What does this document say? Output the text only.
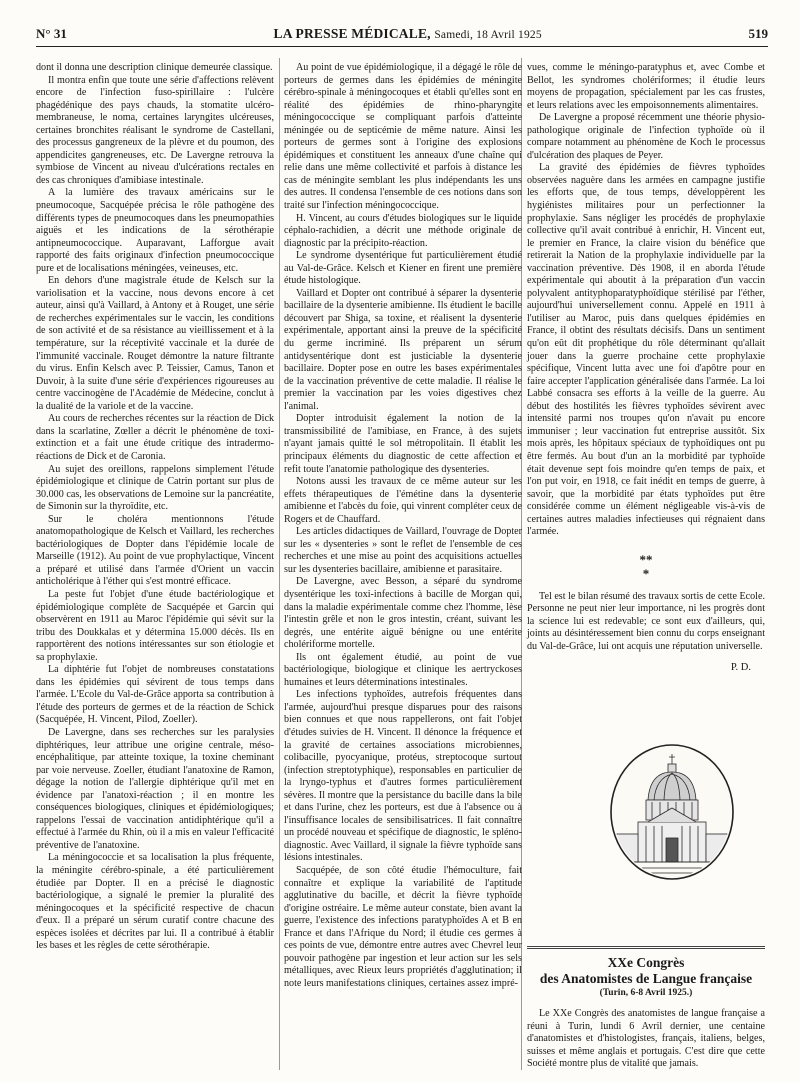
N° 31	LA PRESSE MÉDICALE, Samedi, 18 Avril 1925	519

dont il donna une description clinique demeurée classique.

Il montra enfin que toute une série d'affections relèvent encore de l'infection fuso-spirillaire : l'ulcère phagédénique des pays chauds, la stomatite ulcéro-membraneuse, le noma, certaines laryngites ulcéreuses, certaines bronchites réalisant le syndrome de Castellani, des processus gangreneux de la plèvre et du poumon, des appendicites gangreneuses, etc. De Lavergne retrouva la symbiose de Vincent au niveau d'ulcérations rectales en des cas chroniques d'amibiase intestinale.

A la lumière des travaux américains sur le pneumocoque, Sacquépée précisa le rôle pathogène des différents types de pneumocoques dans les pneumopathies aiguës et les indications de la sérothérapie antipneumococcique. Auparavant, Lafforgue avait rapporté des faits originaux d'infection pneumococcique pure et de localisations méningées, veineuses, etc.

En dehors d'une magistrale étude de Kelsch sur la variolisation et la vaccine, nous devons encore à cet auteur, ainsi qu'à Vaillard, à Antony et à Rouget, une série de recherches expérimentales sur le vaccin, les conditions de son activité et de sa résistance au vieillissement et à la température, sur la réceptivité vaccinale et la durée de l'immunité vaccinale. Rouget démontre la nature filtrante du virus. Enfin Kelsch avec P. Teissier, Camus, Tanon et Duvoir, à la suite d'une série d'expériences rigoureuses au centre vaccinogène de l'Académie de Médecine, conclut à la dualité de la variole et de la vaccine.

Au cours de recherches récentes sur la réaction de Dick dans la scarlatine, Zœller a décrit le phénomène de toxi-extinction et a fait une étude critique des intradermo-réactions de Dick et de Caronia.

Au sujet des oreillons, rappelons simplement l'étude épidémiologique et clinique de Catrin portant sur plus de 30.000 cas, les observations de Lemoine sur la pancréatite, de Simonin sur la thyroïdite, etc.

Sur le choléra mentionnons l'étude anatomopathologique de Kelsch et Vaillard, les recherches bactériologiques de Dopter dans l'épidémie locale de Marseille (1912). Au point de vue prophylactique, Vincent a préparé et utilisé dans l'armée d'Orient un vaccin anticholérique à l'éther qui s'est montré efficace.

La peste fut l'objet d'une étude bactériologique et épidémiologique complète de Sacquépée et Garcin qui observèrent en 1911 au Maroc l'épidémie qui sévit sur la tribu des Doukkalas et y déterminа 15.000 décès. Ils en rapportèrent des notions intéressantes sur son étiologie et sa prophylaxie.

La diphtérie fut l'objet de nombreuses constatations dans les épidémies qui sévirent de tous temps dans l'armée. L'Ecole du Val-de-Grâce apporta sa contribution à l'étude des porteurs de germes et de la réaction de Schick (Sacquépée, H. Vincent, Pilod, Zoeller).

De Lavergne, dans ses recherches sur les paralysies diphtériques, leur attribue une origine centrale, méso-encéphalitique, par atteinte toxique, la toxine cheminant par voie nerveuse. Zoeller, étudiant l'anatoxine de Ramon, dégage la notion de l'allergie diphtérique qu'il met en évidence par l'anatoxi-réaction ; il en montre les conséquences biologiques, cliniques et épidémiologiques; rappelons l'essai de vaccination antidiphtérique qu'il a effectué à l'armée du Rhin, où il a mis en valeur l'efficacité préventive de l'anatoxine.

La méningococcie et sa localisation la plus fréquente, la méningite cérébro-spinale, a été particulièrement étudiée par Dopter. Il en a précisé le diagnostic bactériologique, a signalé le premier la pluralité des méningocoques et la spécificité respective de chacun d'eux. Il a préparé un sérum curatif contre chacune des espèces isolées et décrites par lui. Il a contribué à établir les bases et les règles de cette sérothérapie.

Au point de vue épidémiologique, il a dégagé le rôle de porteurs de germes dans les épidémies de méningite cérébro-spinale à méningocoques et établi qu'elles sont en réalité des épidémies de rhino-pharyngite méningococcique se compliquant parfois d'atteinte méningée ou de septicémie de même nature. Ainsi les porteurs de germes sont à l'origine des explosions épidémiques et constituent les anneaux d'une chaîne qui relie dans une même collectivité et parfois à distance les cas de méningite semblant les plus indépendants les uns des autres. Il condensa l'ensemble de ces notions dans son traité sur l'infection méningococcique.

H. Vincent, au cours d'études biologiques sur le liquide céphalo-rachidien, a décrit une méthode originale de diagnostic par la précipito-réaction.

Le syndrome dysentérique fut particulièrement étudié au Val-de-Grâce. Kelsch et Kiener en firent une première étude histologique.

Vaillard et Dopter ont contribué à séparer la dysenterie bacillaire de la dysenterie amibienne. Ils étudient le bacille découvert par Shiga, sa toxine, et réalisent la dysenterie expérimentale, apportant ainsi la preuve de la spécificité du germe incriminé. Ils préparent un sérum antidysentérique dont est justiciable la dysenterie bacillaire. Dopter pose en outre les bases expérimentales de la vaccination préventive de cette maladie. Il réalise le premier la vaccination par les voies digestives chez l'animal.

Dopter introduisit également la notion de la transmissibilité de l'amibiase, en France, à des sujets n'ayant jamais quitté le sol métropolitain. Il établit les principaux éléments du diagnostic de cette affection et refit toute l'anatomie pathologique des dysenteries.

Notons aussi les travaux de ce même auteur sur les effets thérapeutiques de l'émétine dans la dysenterie amibienne et l'abcès du foie, qui vinrent compléter ceux de Rogers et de Chauffard.

Les articles didactiques de Vaillard, l'ouvrage de Dopter sur les « dysenteries » sont le reflet de l'ensemble de ces recherches et une mise au point des acquisitions actuelles sur les dysenteries bacillaire, amibienne et parasitaire.

De Lavergne, avec Besson, a séparé du syndrome dysentérique les toxi-infections à bacille de Morgan qui, dans la maladie expérimentale comme chez l'homme, lèse l'intestin grêle et non le gros intestin, créant, suivant les degrés, une entérite aiguë bénigne ou une entérite cholériforme mortelle.

Ils ont également étudié, au point de vue bactériologique, biologique et clinique les aertryckoses humaines et leurs déterminations intestinales.

Les infections typhoïdes, autrefois fréquentes dans l'armée, aujourd'hui presque disparues pour des raisons bien connues et que nous rappellerons, ont fait l'objet d'études suivies de H. Vincent. Il dénonce la fréquence et la gravité de certaines associations microbiennes, colibacille, pyocyanique, protéus, streptocoque surtout (infection streptotyphique), responsables en particulier de la lryngo-typhus et d'autres formes particulièrement sévères. Il montre que la persistance du bacille dans la bile et dans l'urine, chez les porteurs, est due à l'absence ou à l'insuffisance locales de sensibilisatrices. Il fait connaître un procédé nouveau et spécifique de diagnostic, le spléno-diagnostic. Avec Vaillard, il signale la fièvre typhoïde sans lésions intestinales.

Sacquépée, de son côté étudie l'hémoculture, fait connaître et explique la variabilité de l'aptitude agglutinative du bacille, et décrit la fièvre typhoïde d'origine ostréaire. Le même auteur constate, bien avant la guerre, l'existence des infections paratyphoïdes A et B en France et dans l'Afrique du Nord; il étudie ces germes à ces points de vue, démontre entre autres avec Chevrel leur pouvoir pathogène par ingestion et leur action sur les sels métalliques, avec Rieux leurs propriétés d'agglutination; il note leurs manifestations cliniques, certaines assez impré-

vues, comme le méningo-paratyphus et, avec Combe et Bellot, les syndromes cholériformes; il étudie leurs moyens de propagation, spécialement par les cas frustes, et leurs relations avec les empoisonnements alimentaires.

De Lavergne a proposé récemment une théorie physio-pathologique originale de l'infection typhoïde où il compare notamment au phénomène de Koch le processus d'ulcération des plaques de Peyer.

La gravité des épidémies de fièvres typhoïdes observées naguère dans les armées en campagne justifie les efforts que, de tous temps, développèrent les hygiénistes militaires pour un perfectionner la prophylaxie. Sans négliger les procédés de prophylaxie collective qu'il avait contribué à enrichir, H. Vincent eut, le premier en France, la claire vision du bénéfice que retirerait la Nation de la prophylaxie individuelle par la vaccination préventive. Dès 1908, il en aborda l'étude expérimentale qui aboutit à la préparation d'un vaccin polyvalent antityphoparatyphoïdique stérilisé par l'éther, aujourd'hui universellement connu. Appelé en 1911 à l'utiliser au Maroc, puis dans quelques épidémies en France, il obtint des résultats décisifs. Dans un sentiment qu'on eût dit prophétique du rôle déterminant qu'allait jouer dans la guerre prochaine cette prophylaxie spécifique, Vincent lutta avec une foi d'apôtre pour en faire accepter l'application généralisée dans l'armée. La loi Labbé consacra ses efforts à la veille de la guerre. Au début des hostilités les fièvres typhoïdes sévirent avec intensité parmi nos troupes qu'on n'avait pu encore immuniser ; leur vaccination fut entreprise aussitôt. Six mois après, les hôpitaux spéciaux de typhoïdiques ont pu être fermés. Au bout d'un an la morbidité par typhoïde était devenue sept fois moindre qu'en temps de paix, et l'on put voir, en 1918, ce fait inédit en temps de guerre, à savoir, que la morbidité par états typhoïdes put être considérée comme un élément négligeable vis-à-vis de certaines autres maladies infectieuses qui régnaient dans l'armée.

**
*

Tel est le bilan résumé des travaux sortis de cette Ecole. Personne ne peut nier leur importance, ni les progrès dont la science lui est redevable; ce sont eux d'ailleurs, qui, joints au désintéressement bien connu du corps enseignant du Val-de-Grâce, lui ont acquis une réputation universelle.

P. D.
XXe Congrès
des Anatomistes de Langue française
(Turin, 6-8 Avril 1925.)

Le XXe Congrès des anatomistes de langue française a réuni à Turin, lundi 6 Avril dernier, une centaine d'anatomistes et d'histologistes, français, italiens, belges, suisses et même anglais et portugais. C'est dire que cette Société montre plus de vitalité que jamais.
